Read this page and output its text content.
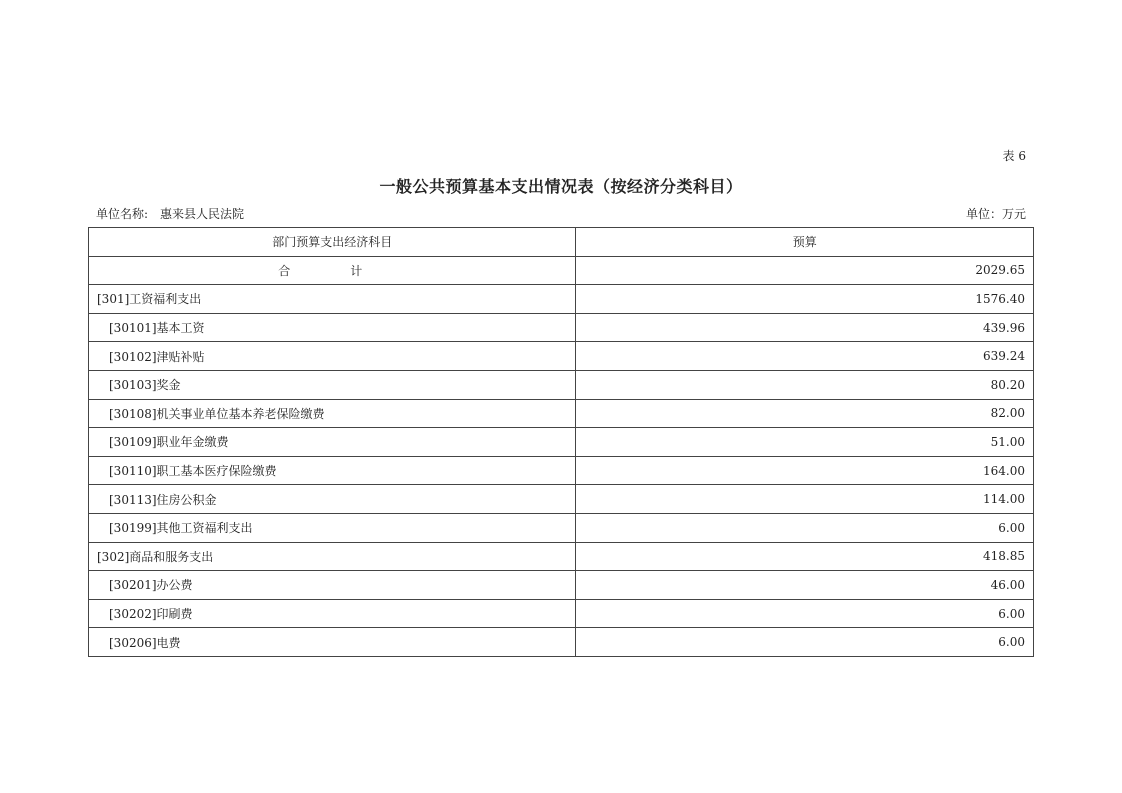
表 6
一般公共预算基本支出情况表（按经济分类科目）
单位名称: 惠来县人民法院	单位：万元
部门预算支出经济科目	预算
合　计	2029.65
[301]工资福利支出	1576.40
[30101]基本工资	439.96
[30102]津贴补贴	639.24
[30103]奖金	80.20
[30108]机关事业单位基本养老保险缴费	82.00
[30109]职业年金缴费	51.00
[30110]职工基本医疗保险缴费	164.00
[30113]住房公积金	114.00
[30199]其他工资福利支出	6.00
[302]商品和服务支出	418.85
[30201]办公费	46.00
[30202]印刷费	6.00
[30206]电费	6.00
